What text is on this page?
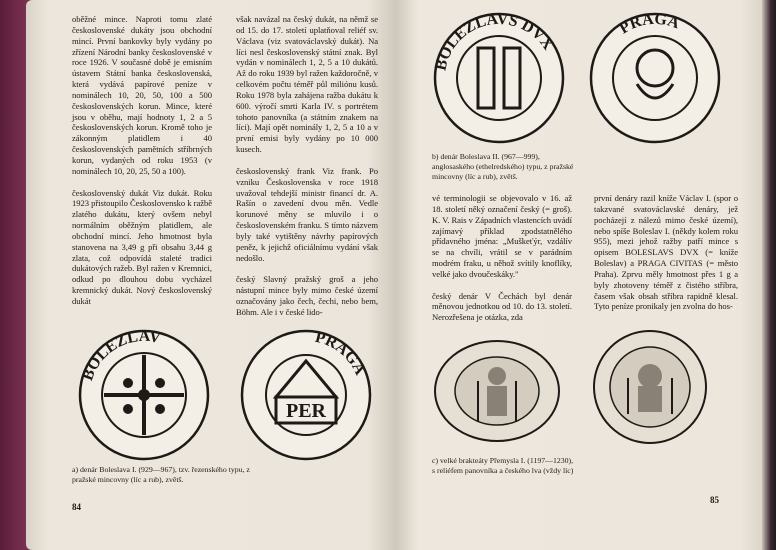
oběžné mince. Naproti tomu zlaté československé dukáty jsou obchodní mincí. První bankovky byly vydány po zřízení Národní banky československé v roce 1926. V současné době je emisním ústavem Státní banka československá, která vydává papírové peníze v nominálech 10, 20, 50, 100 a 500 československých korun. Mince, které jsou v oběhu, mají hodnoty 1, 2 a 5 československých korun. Kromě toho je zákonným platidlem i 40 československých pamětních stříbrných korun, vydaných od roku 1953 (v nominálech 10, 20, 25, 50 a 100).

československý dukát Viz dukát. Roku 1923 přistoupilo Československo k ražbě zlatého dukátu, který ovšem nebyl normálním oběžným platidlem, ale obchodní mincí. Jeho hmotnost byla stanovena na 3,49 g při obsahu 3,44 g zlata, což odpovídá staleté tradici dukátových ražeb. Byl ražen v Kremnici, odkud po dlouhou dobu vycházel kremnický dukát. Nový československý dukát
však navázal na český dukát, na němž se od 15. do 17. století uplatňoval reliéf sv. Václava (viz svatováclavský dukát). Na líci nesl československý státní znak. Byl vydán v nominálech 1, 2, 5 a 10 dukátů. Až do roku 1939 byl ražen každoročně, v celkovém počtu téměř půl miliónu kusů. Roku 1978 byla zahájena ražba dukátu k 600. výročí smrti Karla IV. s portrétem tohoto panovníka (a státním znakem na líci). Mají opět nominály 1, 2, 5 a 10 a v první emisi byly vydány po 10 000 kusech.

československý frank Viz frank. Po vzniku Československa v roce 1918 uvažoval tehdejší ministr financí dr. A. Rašín o zavedení dvou měn. Vedle korunové měny se mluvilo i o československém franku. S tímto názvem byly také vytištěny návrhy papírových peněz, k jejichž oficiálnímu vydání však nedošlo.

český Slavný pražský groš a jeho nástupní mince byly mimo české území označovány jako čech, čechi, nebo bem, Böhm. Ale i v české lido-
BOLEZLAV
PER
PRAGA
a) denár Boleslava I. (929—967), tzv. řezenského typu, z pražské mincovny (líc a rub), zvětš.
84
BOLEZLAVS DVX
PRAGA
b) denár Boleslava II. (967—999), anglosaského (ethelredského) typu, z pražské mincovny (líc a rub), zvětš.
vé terminologii se objevovalo v 16. až 18. století něký označení český (= groš). K. V. Rais v Západních vlastencích uvádí zajímavý příklad zpodstatnělého přídavného jména: „Muškeťýr, vzdálív se na chvíli, vrátil se v parádním modrém fraku, u něhož svítily knoflíky, velké jako dvoučeskáky."

český denár V Čechách byl denár měnovou jednotkou od 10. do 13. století. Nerozřešena je otázka, zda
první denáry razil kníže Václav I. (spor o takzvané svatováclavské denáry, jež pocházejí z nálezů mimo české území), nebo spíše Boleslav I. (někdy kolem roku 955), mezi jehož ražby patří mince s opisem BOLESLAVS DVX (= kníže Boleslav) a PRAGA CIVITAS (= město Praha). Zprvu měly hmotnost přes 1 g a byly zhotoveny téměř z čistého stříbra, časem však obsah stříbra rapidně klesal. Tyto peníze pronikaly jen zvolna do hos-
c) velké brakteáty Přemysla I. (1197—1230), s reliéfem panovníka a českého lva (vždy líc)
85
